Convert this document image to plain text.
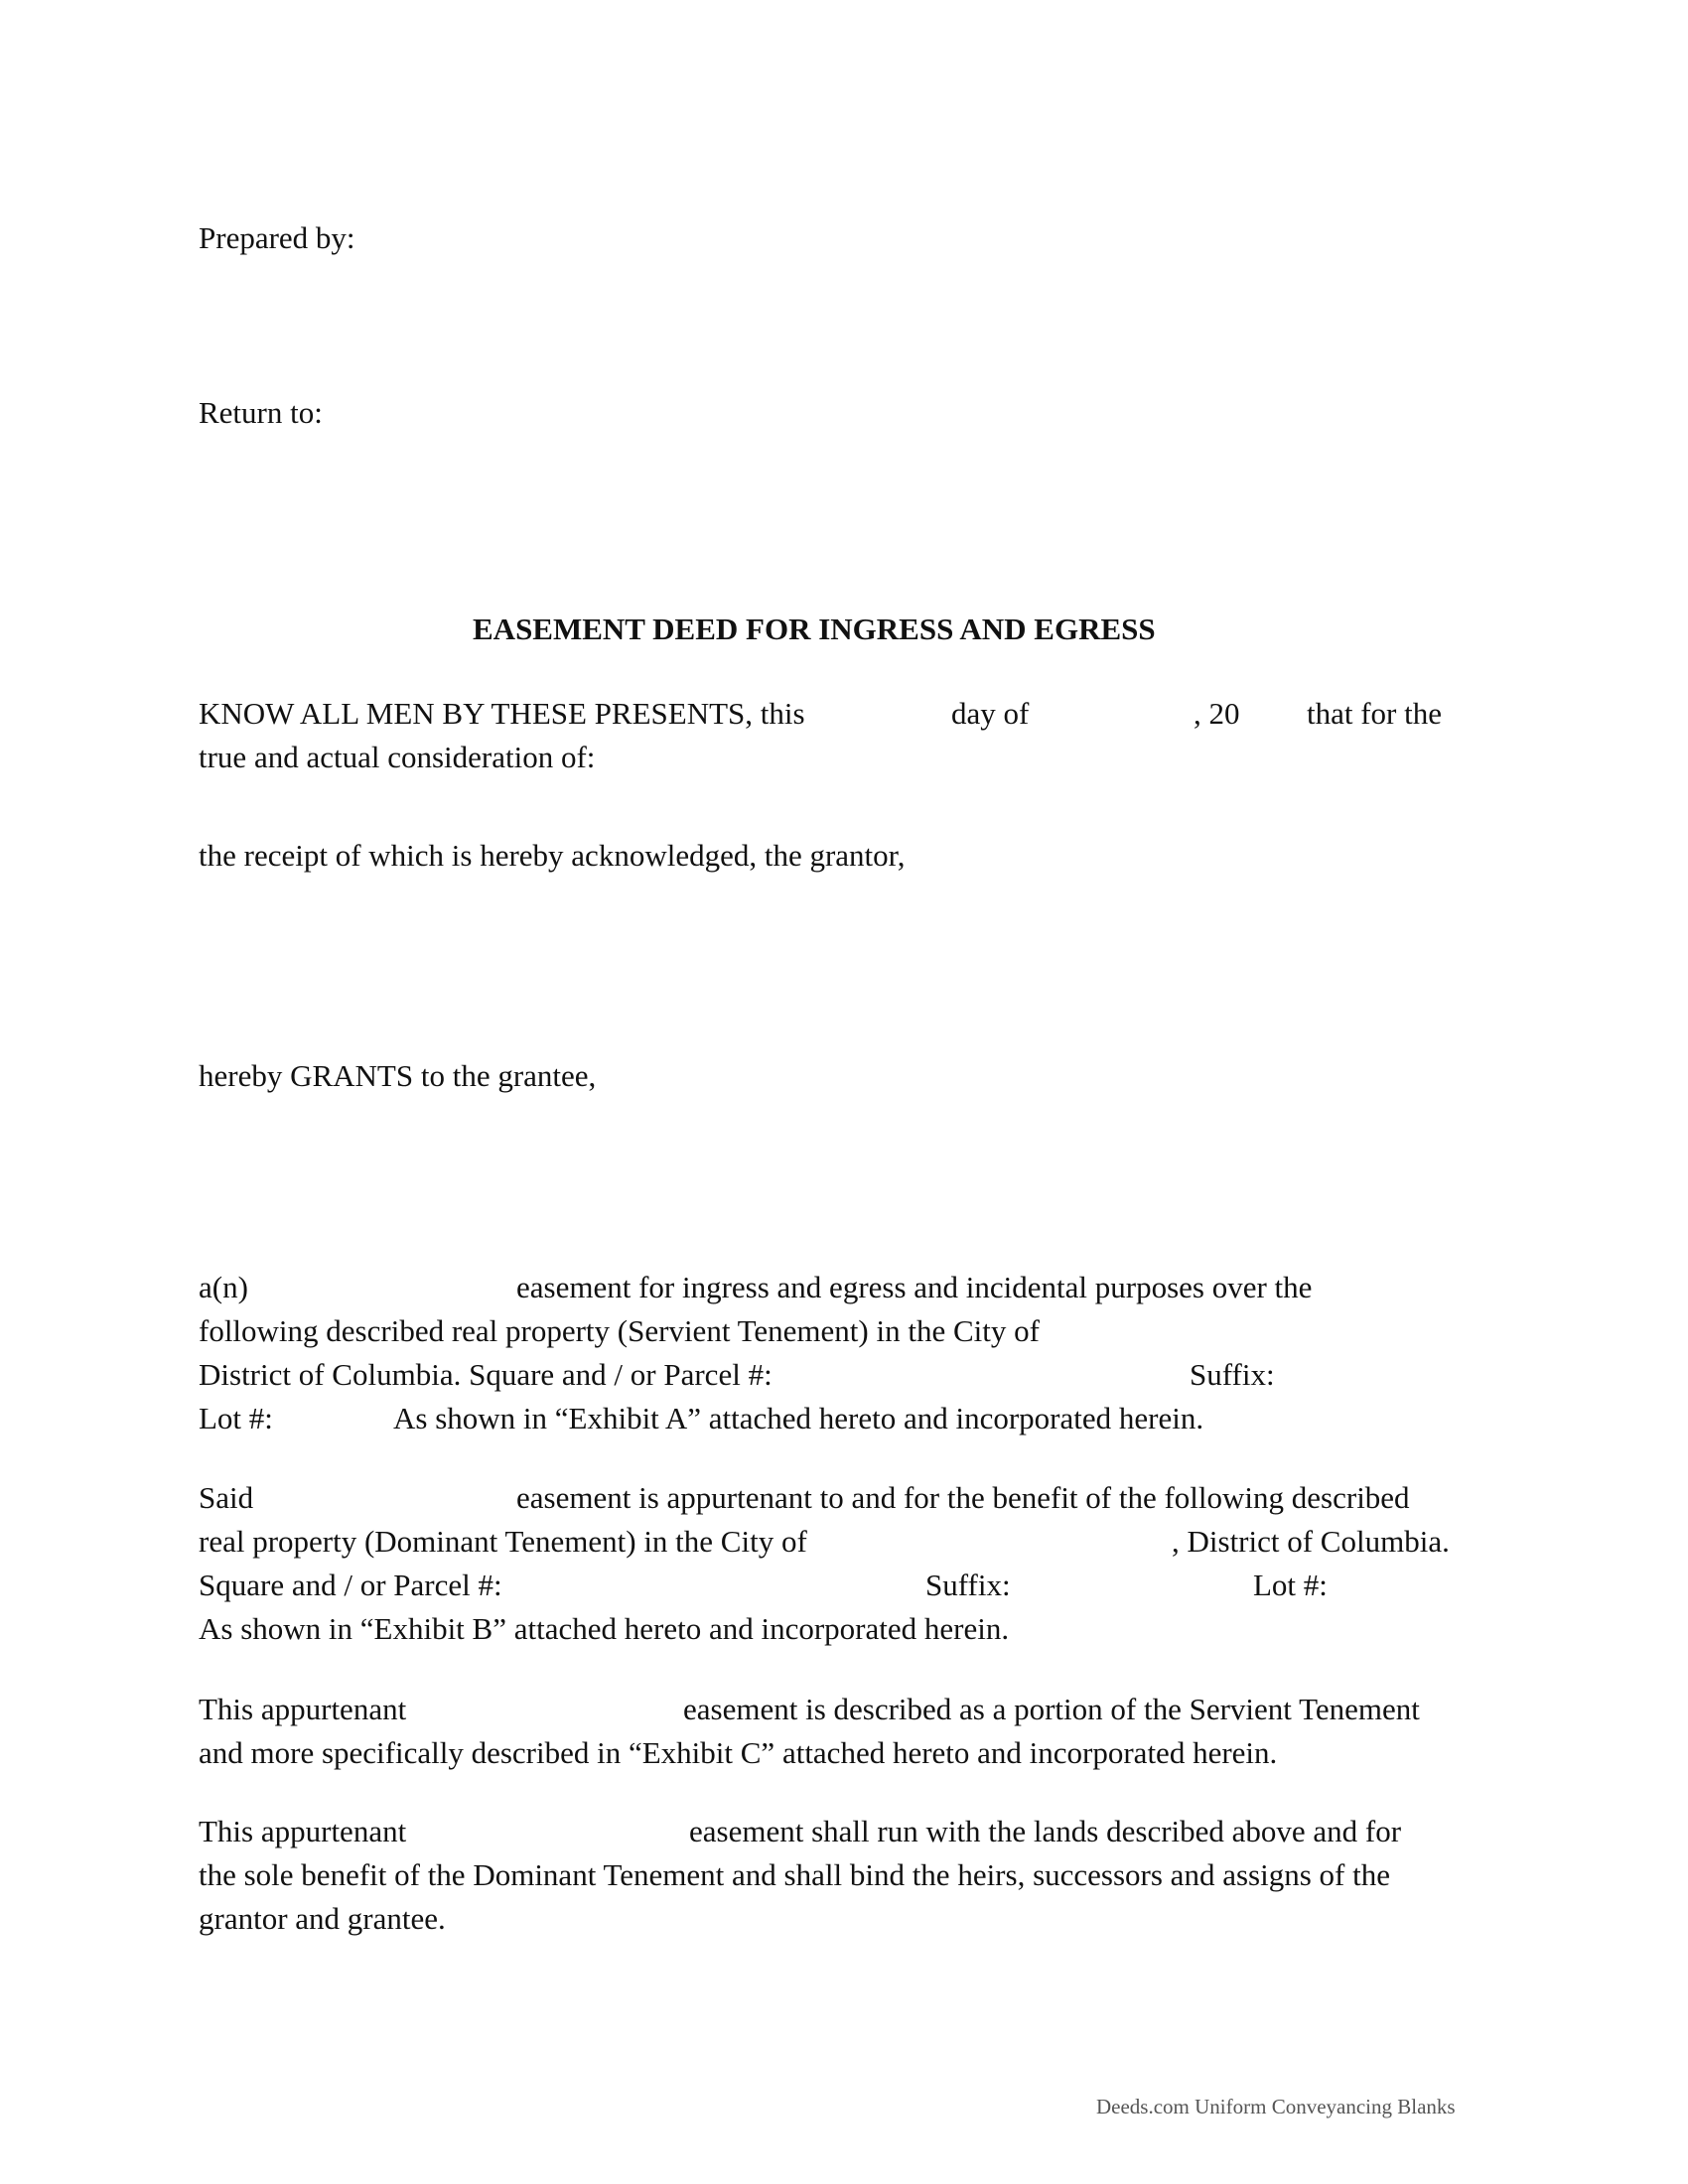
Prepared by:
Return to:
EASEMENT DEED FOR INGRESS AND EGRESS
KNOW ALL MEN BY THESE PRESENTS, this	day of	, 20 that for the
true and actual consideration of:
the receipt of which is hereby acknowledged, the grantor,
hereby GRANTS to the grantee,
a(n)	easement for ingress and egress and incidental purposes over the
following described real property (Servient Tenement) in the City of
District of Columbia. Square and / or Parcel #:	Suffix:
Lot #:	As shown in “Exhibit A” attached hereto and incorporated herein.
Said	easement is appurtenant to and for the benefit of the following described
real property (Dominant Tenement) in the City of	, District of Columbia.
Square and / or Parcel #:	Suffix:	Lot #:
As shown in “Exhibit B” attached hereto and incorporated herein.
This appurtenant	easement is described as a portion of the Servient Tenement
and more specifically described in “Exhibit C” attached hereto and incorporated herein.
This appurtenant	easement shall run with the lands described above and for
the sole benefit of the Dominant Tenement and shall bind the heirs, successors and assigns of the
grantor and grantee.
Deeds.com Uniform Conveyancing Blanks
